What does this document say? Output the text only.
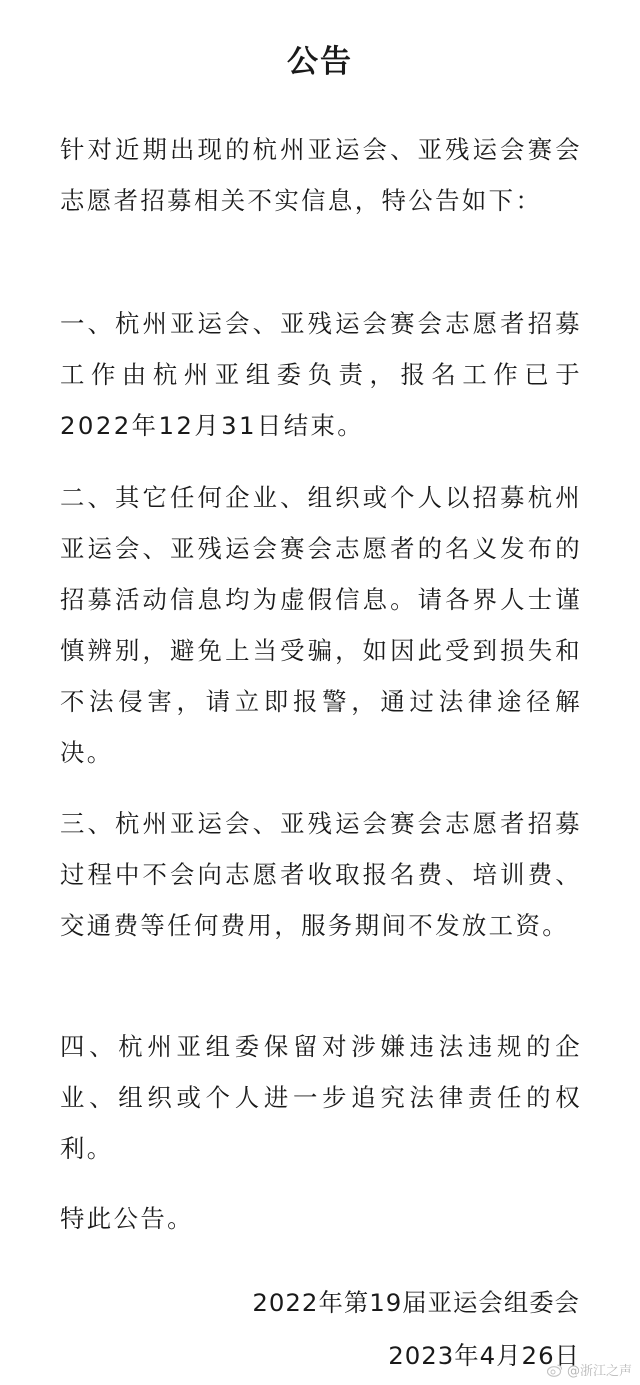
公告

针对近期出现的杭州亚运会、亚残运会赛会志愿者招募相关不实信息，特公告如下：

一、杭州亚运会、亚残运会赛会志愿者招募工作由杭州亚组委负责，报名工作已于2022年12月31日结束。

二、其它任何企业、组织或个人以招募杭州亚运会、亚残运会赛会志愿者的名义发布的招募活动信息均为虚假信息。请各界人士谨慎辨别，避免上当受骗，如因此受到损失和不法侵害，请立即报警，通过法律途径解决。

三、杭州亚运会、亚残运会赛会志愿者招募过程中不会向志愿者收取报名费、培训费、交通费等任何费用，服务期间不发放工资。

四、杭州亚组委保留对涉嫌违法违规的企业、组织或个人进一步追究法律责任的权利。

特此公告。

2022年第19届亚运会组委会
2023年4月26日
@浙江之声
